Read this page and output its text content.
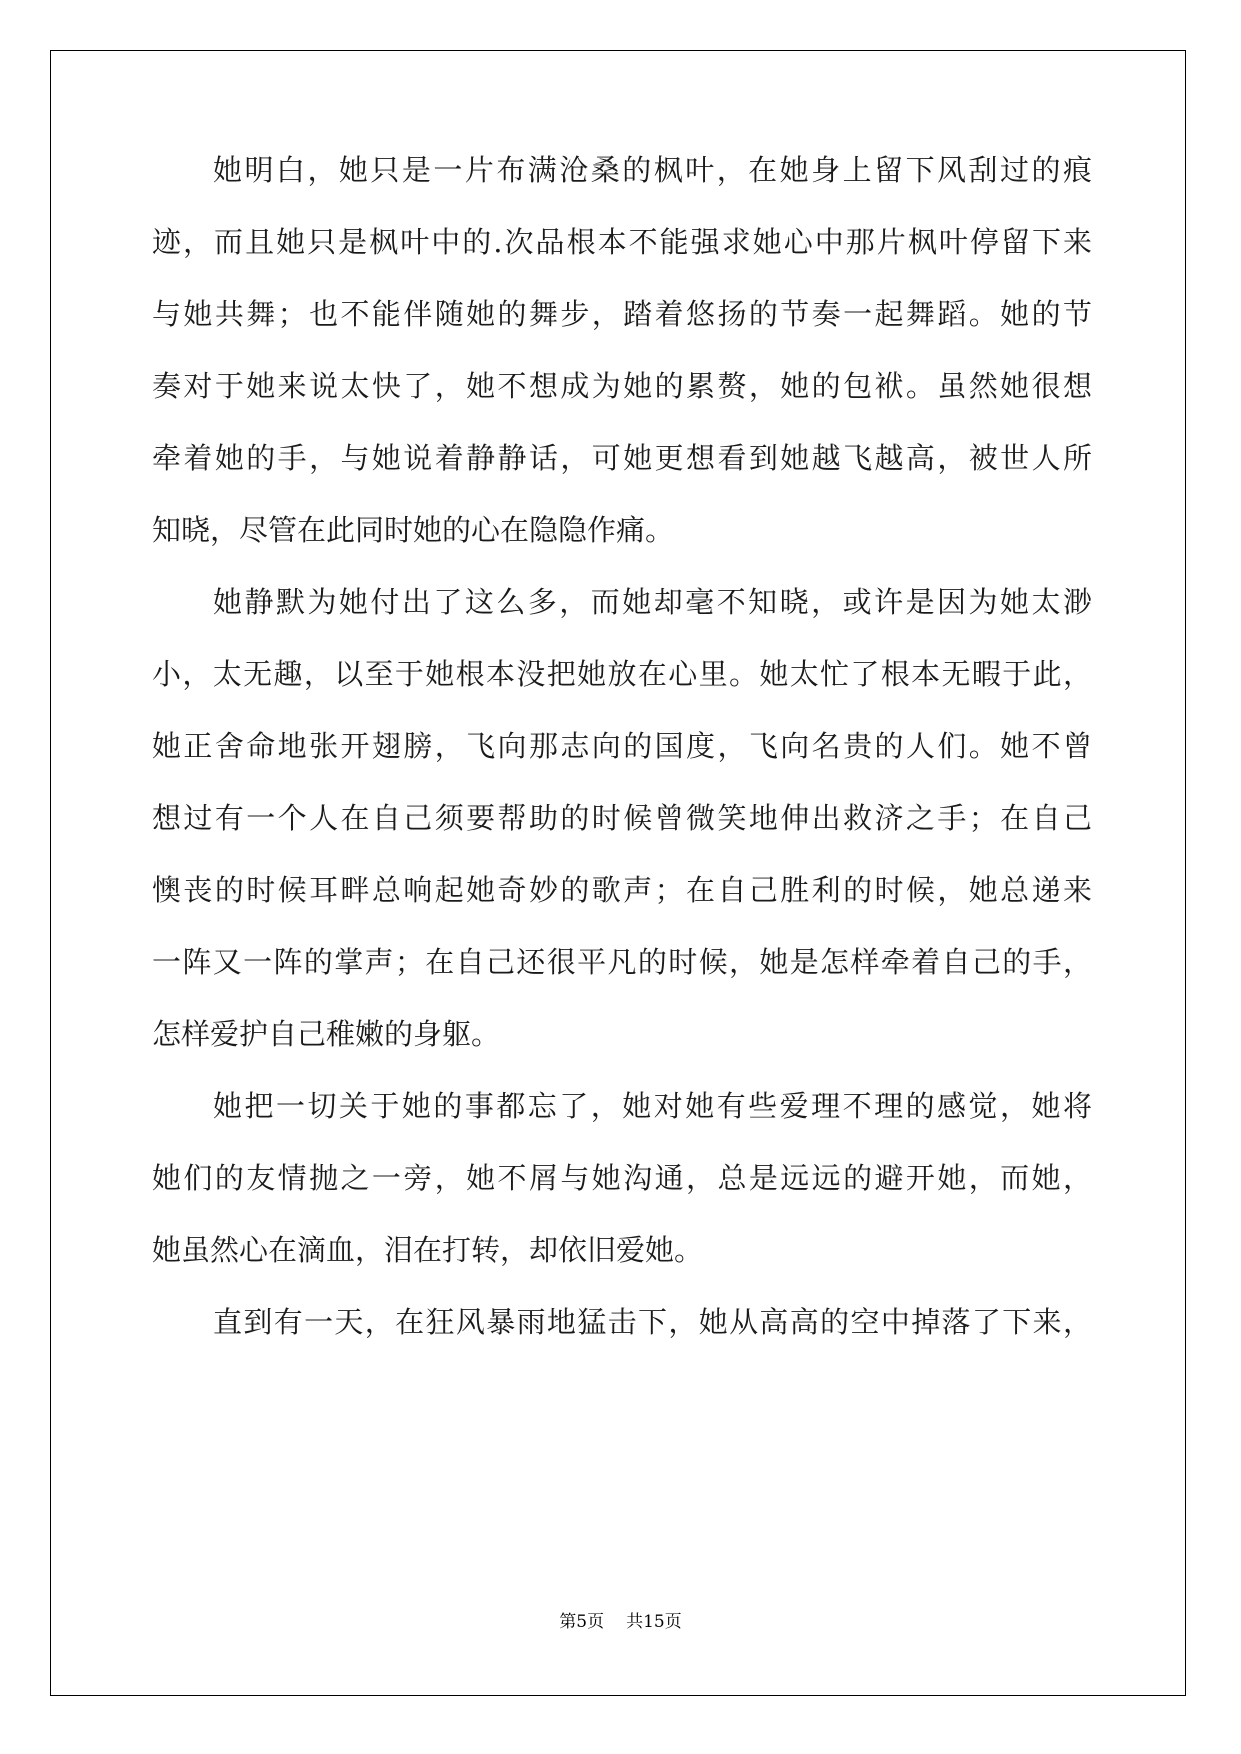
她明白，她只是一片布满沧桑的枫叶，在她身上留下风刮过的痕
迹，而且她只是枫叶中的.次品根本不能强求她心中那片枫叶停留下来
与她共舞；也不能伴随她的舞步，踏着悠扬的节奏一起舞蹈。她的节
奏对于她来说太快了，她不想成为她的累赘，她的包袱。虽然她很想
牵着她的手，与她说着静静话，可她更想看到她越飞越高，被世人所
知晓，尽管在此同时她的心在隐隐作痛。
她静默为她付出了这么多，而她却毫不知晓，或许是因为她太渺
小，太无趣，以至于她根本没把她放在心里。她太忙了根本无暇于此，
她正舍命地张开翅膀，飞向那志向的国度，飞向名贵的人们。她不曾
想过有一个人在自己须要帮助的时候曾微笑地伸出救济之手；在自己
懊丧的时候耳畔总响起她奇妙的歌声；在自己胜利的时候，她总递来
一阵又一阵的掌声；在自己还很平凡的时候，她是怎样牵着自己的手，
怎样爱护自己稚嫩的身躯。
她把一切关于她的事都忘了，她对她有些爱理不理的感觉，她将
她们的友情抛之一旁，她不屑与她沟通，总是远远的避开她，而她，
她虽然心在滴血，泪在打转，却依旧爱她。
直到有一天，在狂风暴雨地猛击下，她从高高的空中掉落了下来，
第5页 共15页
